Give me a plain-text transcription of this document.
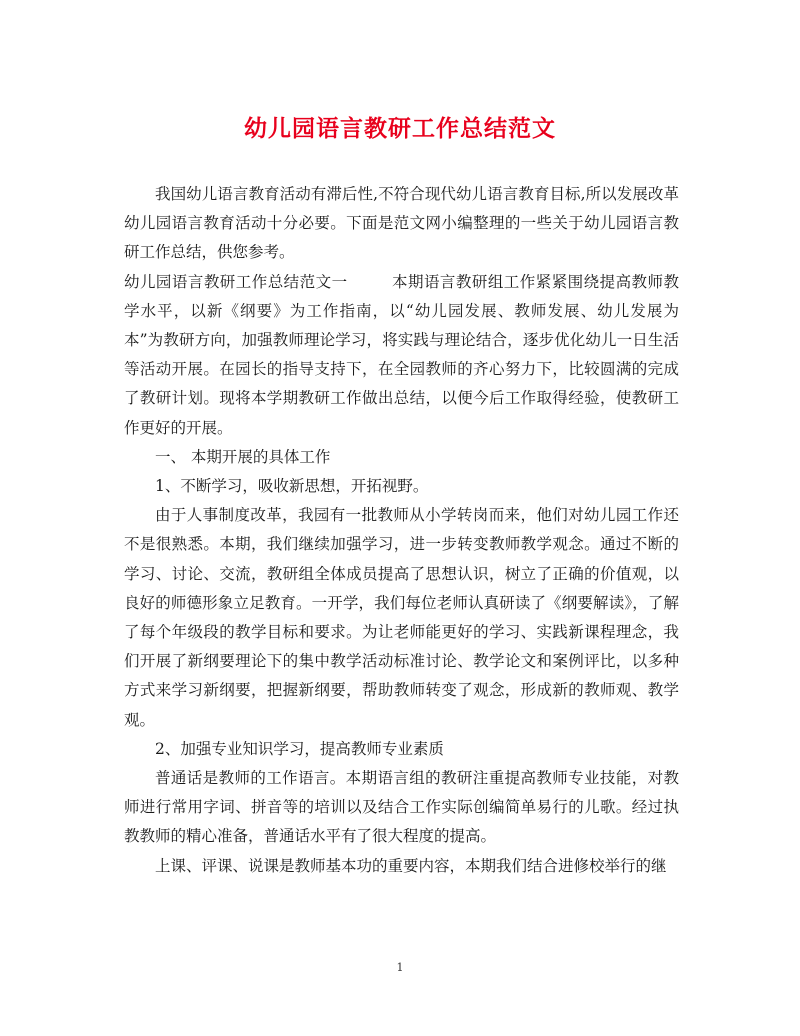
幼儿园语言教研工作总结范文

我国幼儿语言教育活动有滞后性,不符合现代幼儿语言教育目标,所以发展改革幼儿园语言教育活动十分必要。下面是范文网小编整理的一些关于幼儿园语言教研工作总结，供您参考。

幼儿园语言教研工作总结范文一	本期语言教研组工作紧紧围绕提高教师教学水平，以新《纲要》为工作指南，以“幼儿园发展、教师发展、幼儿发展为本”为教研方向，加强教师理论学习，将实践与理论结合，逐步优化幼儿一日生活等活动开展。在园长的指导支持下，在全园教师的齐心努力下，比较圆满的完成了教研计划。现将本学期教研工作做出总结，以便今后工作取得经验，使教研工作更好的开展。

一、 本期开展的具体工作

1、不断学习，吸收新思想，开拓视野。

由于人事制度改革，我园有一批教师从小学转岗而来，他们对幼儿园工作还不是很熟悉。本期，我们继续加强学习，进一步转变教师教学观念。通过不断的学习、讨论、交流，教研组全体成员提高了思想认识，树立了正确的价值观，以良好的师德形象立足教育。一开学，我们每位老师认真研读了《纲要解读》，了解了每个年级段的教学目标和要求。为让老师能更好的学习、实践新课程理念，我们开展了新纲要理论下的集中教学活动标准讨论、教学论文和案例评比，以多种方式来学习新纲要，把握新纲要，帮助教师转变了观念，形成新的教师观、教学观。

2、加强专业知识学习，提高教师专业素质

普通话是教师的工作语言。本期语言组的教研注重提高教师专业技能，对教师进行常用字词、拼音等的培训以及结合工作实际创编简单易行的儿歌。经过执教教师的精心准备，普通话水平有了很大程度的提高。

上课、评课、说课是教师基本功的重要内容，本期我们结合进修校举行的继

1
